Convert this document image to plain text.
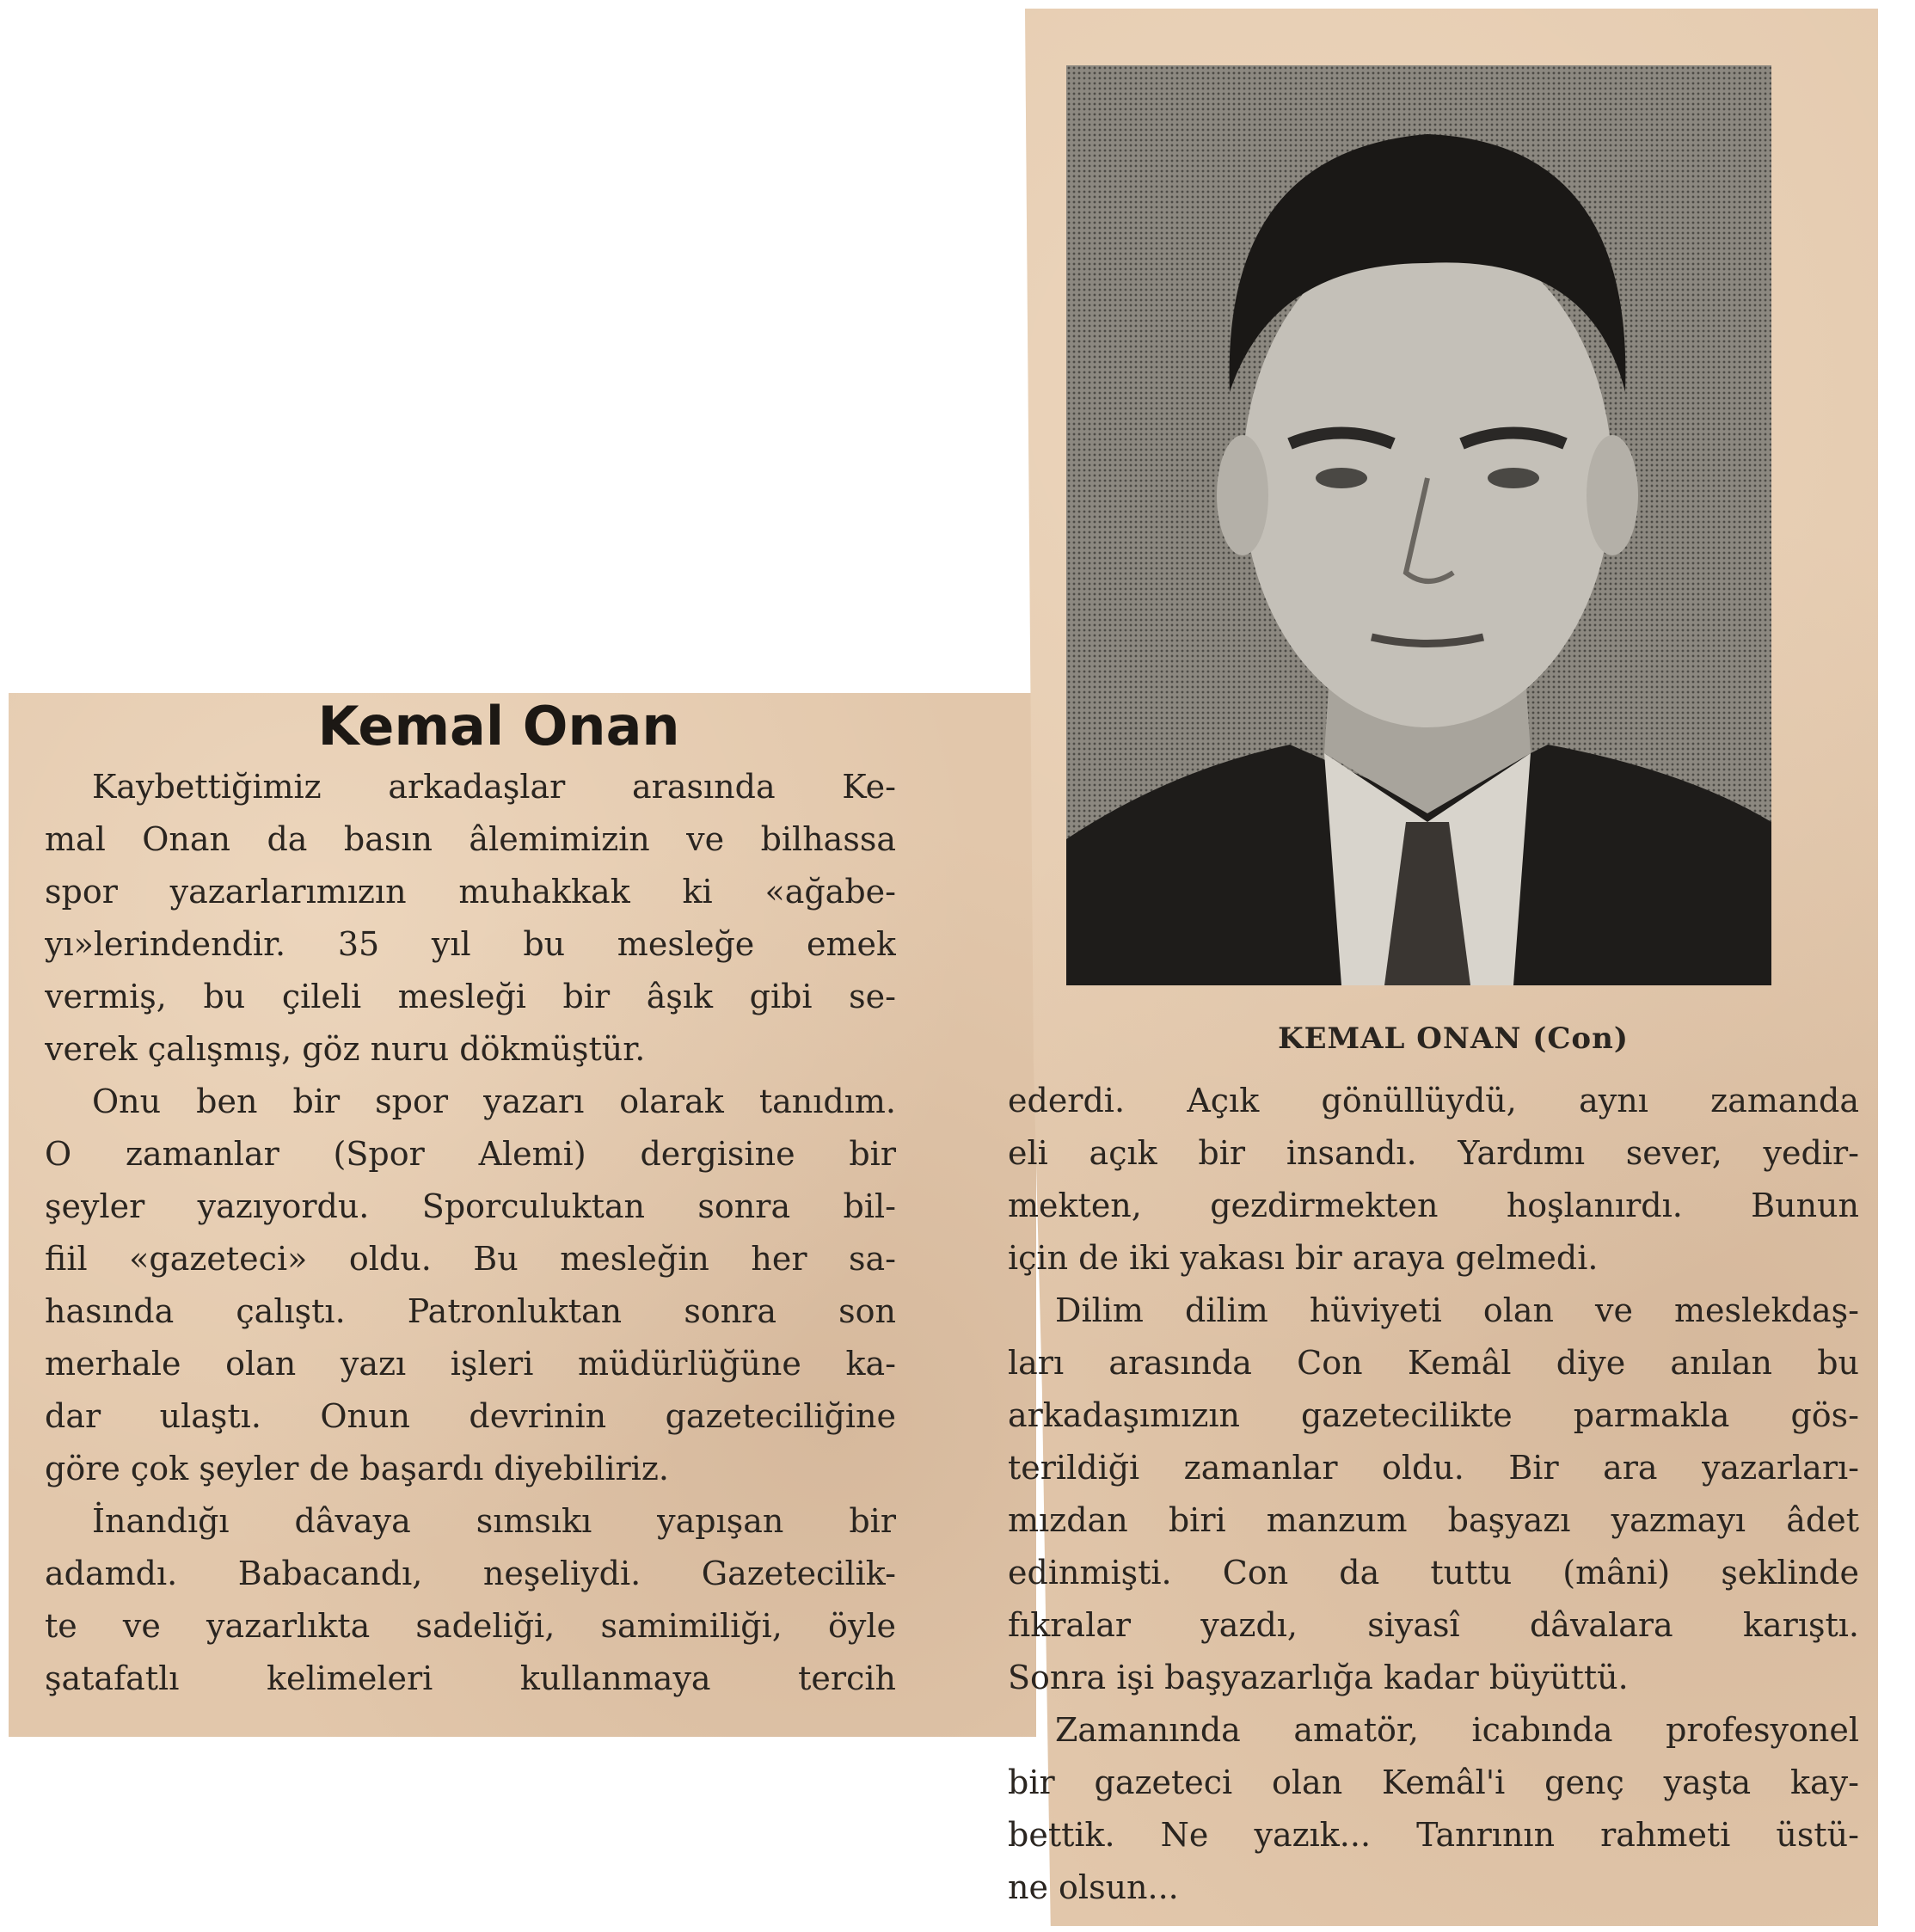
KEMAL ONAN (Con)
Kemal Onan
Kaybettiğimiz arkadaşlar arasında Ke-
mal Onan da basın âlemimizin ve bilhassa
spor yazarlarımızın muhakkak ki «ağabe-
yı»lerindendir. 35 yıl bu mesleğe emek
vermiş, bu çileli mesleği bir âşık gibi se-
verek çalışmış, göz nuru dökmüştür.
Onu ben bir spor yazarı olarak tanıdım.
O zamanlar (Spor Alemi) dergisine bir
şeyler yazıyordu. Sporculuktan sonra bil-
fiil «gazeteci» oldu. Bu mesleğin her sa-
hasında çalıştı. Patronluktan sonra son
merhale olan yazı işleri müdürlüğüne ka-
dar ulaştı. Onun devrinin gazeteciliğine
göre çok şeyler de başardı diyebiliriz.
İnandığı dâvaya sımsıkı yapışan bir
adamdı. Babacandı, neşeliydi. Gazetecilik-
te ve yazarlıkta sadeliği, samimiliği, öyle
şatafatlı kelimeleri kullanmaya tercih
ederdi. Açık gönüllüydü, aynı zamanda
eli açık bir insandı. Yardımı sever, yedir-
mekten, gezdirmekten hoşlanırdı. Bunun
için de iki yakası bir araya gelmedi.
Dilim dilim hüviyeti olan ve meslekdaş-
ları arasında Con Kemâl diye anılan bu
arkadaşımızın gazetecilikte parmakla gös-
terildiği zamanlar oldu. Bir ara yazarları-
mızdan biri manzum başyazı yazmayı âdet
edinmişti. Con da tuttu (mâni) şeklinde
fıkralar yazdı, siyasî dâvalara karıştı.
Sonra işi başyazarlığa kadar büyüttü.
Zamanında amatör, icabında profesyonel
bir gazeteci olan Kemâl'i genç yaşta kay-
bettik. Ne yazık... Tanrının rahmeti üstü-
ne olsun...
